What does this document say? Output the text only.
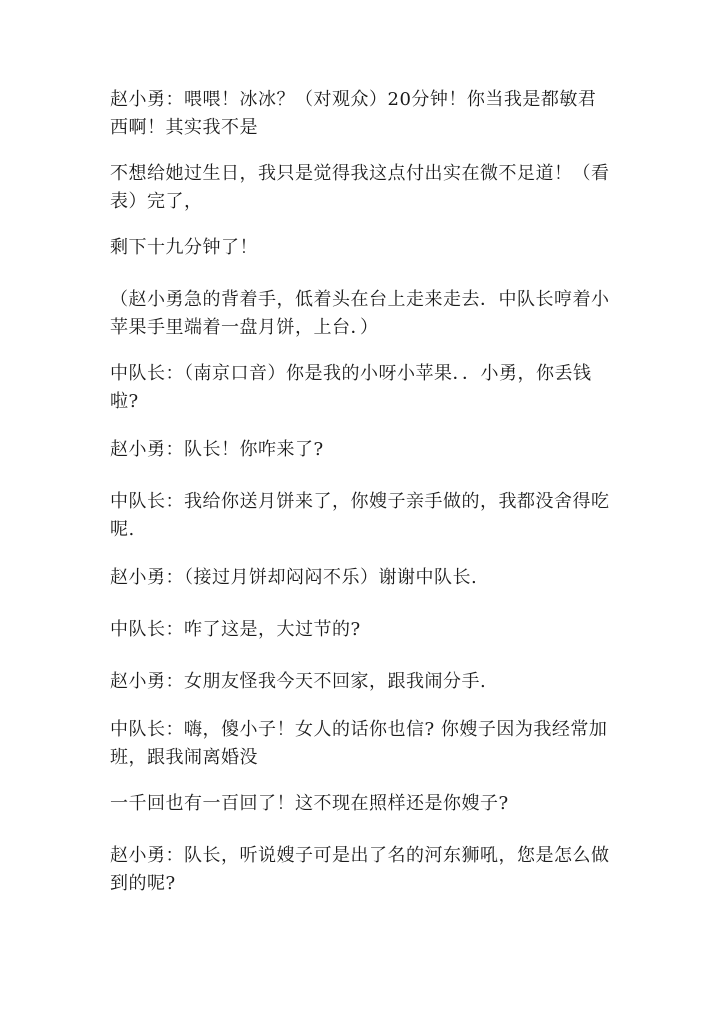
赵小勇：喂喂！冰冰？（对观众）20分钟！你当我是都敏君西啊！其实我不是

不想给她过生日，我只是觉得我这点付出实在微不足道！（看表）完了，

剩下十九分钟了！

（赵小勇急的背着手，低着头在台上走来走去．中队长哼着小苹果手里端着一盘月饼，上台．）

中队长：（南京口音）你是我的小呀小苹果．．小勇，你丢钱啦?

赵小勇：队长！你咋来了?

中队长：我给你送月饼来了，你嫂子亲手做的，我都没舍得吃呢.

赵小勇：（接过月饼却闷闷不乐）谢谢中队长.

中队长：咋了这是，大过节的?

赵小勇：女朋友怪我今天不回家，跟我闹分手.

中队长：嗨，傻小子！女人的话你也信? 你嫂子因为我经常加班，跟我闹离婚没

一千回也有一百回了！这不现在照样还是你嫂子?

赵小勇：队长，听说嫂子可是出了名的河东狮吼，您是怎么做到的呢?
